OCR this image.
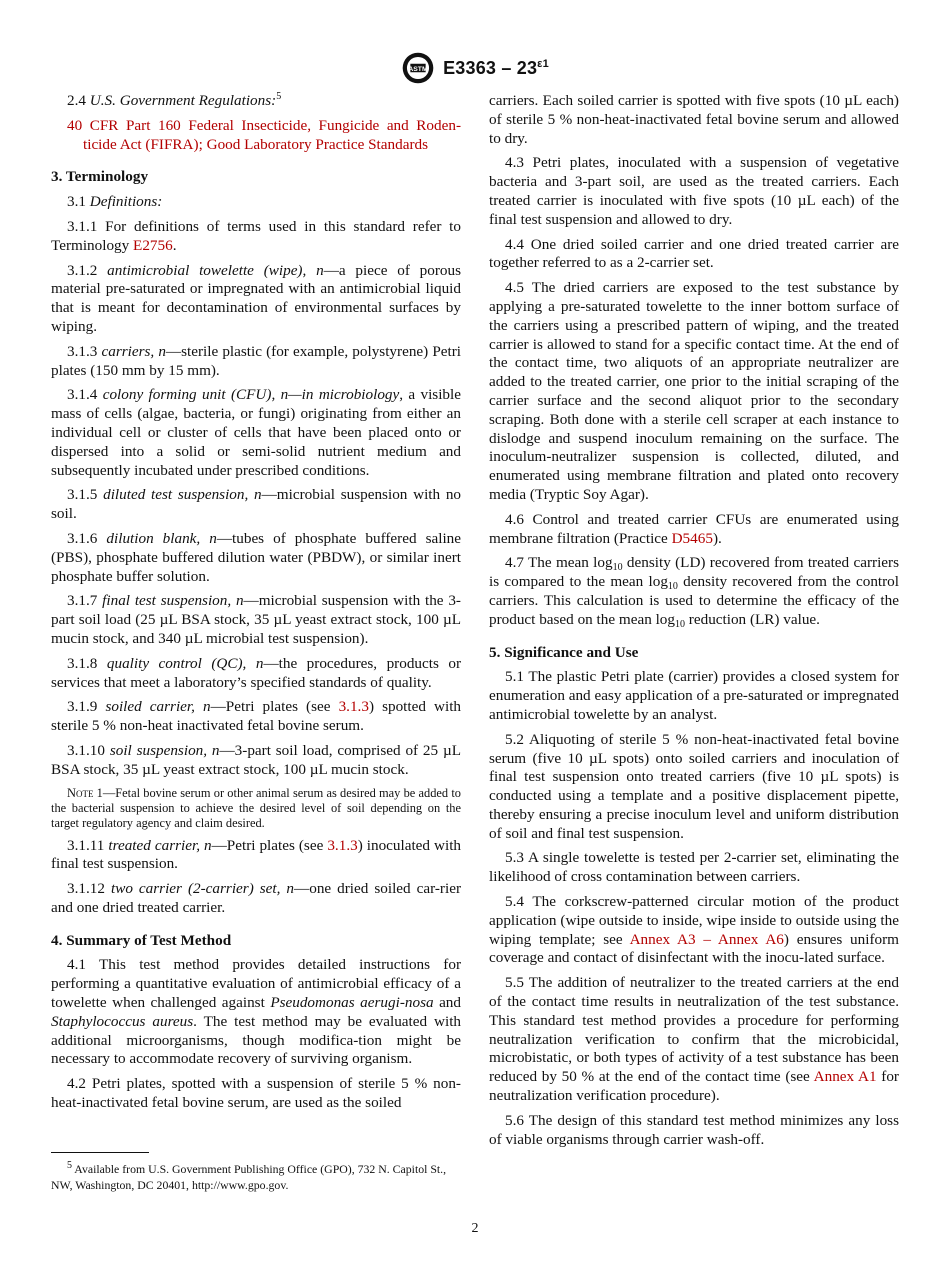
ASTM $E3363 - 23^{\varepsilon 1}$

2.4 U.S. Government Regulations:$^5$

40 CFR Part 160 Federal Insecticide, Fungicide and Roden-ticide Act (FIFRA); Good Laboratory Practice Standards

3. Terminology

3.1 Definitions:

3.1.1 For definitions of terms used in this standard refer to Terminology E2756.

3.1.2 antimicrobial towelette (wipe), n—a piece of porous material pre-saturated or impregnated with an antimicrobial liquid that is meant for decontamination of environmental surfaces by wiping.

3.1.3 carriers, n—sterile plastic (for example, polystyrene) Petri plates (150 mm by 15 mm).

3.1.4 colony forming unit (CFU), n—in microbiology, a visible mass of cells (algae, bacteria, or fungi) originating from either an individual cell or cluster of cells that have been placed onto or dispersed into a solid or semi-solid nutrient medium and subsequently incubated under prescribed conditions.

3.1.5 diluted test suspension, n—microbial suspension with no soil.

3.1.6 dilution blank, n—tubes of phosphate buffered saline (PBS), phosphate buffered dilution water (PBDW), or similar inert phosphate buffer solution.

3.1.7 final test suspension, n—microbial suspension with the 3-part soil load (25 µL BSA stock, 35 µL yeast extract stock, 100 µL mucin stock, and 340 µL microbial test suspension).

3.1.8 quality control (QC), n—the procedures, products or services that meet a laboratory’s specified standards of quality.

3.1.9 soiled carrier, n—Petri plates (see 3.1.3) spotted with sterile 5 % non-heat inactivated fetal bovine serum.

3.1.10 soil suspension, n—3-part soil load, comprised of 25 µL BSA stock, 35 µL yeast extract stock, 100 µL mucin stock.

Note 1—Fetal bovine serum or other animal serum as desired may be added to the bacterial suspension to achieve the desired level of soil depending on the target regulatory agency and claim desired.

3.1.11 treated carrier, n—Petri plates (see 3.1.3) inoculated with final test suspension.

3.1.12 two carrier (2-carrier) set, n—one dried soiled car-rier and one dried treated carrier.

4. Summary of Test Method

4.1 This test method provides detailed instructions for performing a quantitative evaluation of antimicrobial efficacy of a towelette when challenged against Pseudomonas aerugi-nosa and Staphylococcus aureus. The test method may be evaluated with additional microorganisms, though modifica-tion might be necessary to accommodate recovery of surviving organism.

4.2 Petri plates, spotted with a suspension of sterile 5 % non-heat-inactivated fetal bovine serum, are used as the soiled

carriers. Each soiled carrier is spotted with five spots (10 µL each) of sterile 5 % non-heat-inactivated fetal bovine serum and allowed to dry.

4.3 Petri plates, inoculated with a suspension of vegetative bacteria and 3-part soil, are used as the treated carriers. Each treated carrier is inoculated with five spots (10 µL each) of the final test suspension and allowed to dry.

4.4 One dried soiled carrier and one dried treated carrier are together referred to as a 2-carrier set.

4.5 The dried carriers are exposed to the test substance by applying a pre-saturated towelette to the inner bottom surface of the carriers using a prescribed pattern of wiping, and the treated carrier is allowed to stand for a specific contact time. At the end of the contact time, two aliquots of an appropriate neutralizer are added to the treated carrier, one prior to the initial scraping of the carrier surface and the second aliquot prior to the secondary scraping. Both done with a sterile cell scraper at each instance to dislodge and suspend inoculum remaining on the surface. The inoculum-neutralizer suspension is collected, diluted, and enumerated using membrane filtration and plated onto recovery media (Tryptic Soy Agar).

4.6 Control and treated carrier CFUs are enumerated using membrane filtration (Practice D5465).

4.7 The mean $\log_{10}$ density (LD) recovered from treated carriers is compared to the mean $\log_{10}$ density recovered from the control carriers. This calculation is used to determine the efficacy of the product based on the mean $\log_{10}$ reduction (LR) value.

5. Significance and Use

5.1 The plastic Petri plate (carrier) provides a closed system for enumeration and easy application of a pre-saturated or impregnated antimicrobial towelette by an analyst.

5.2 Aliquoting of sterile 5 % non-heat-inactivated fetal bovine serum (five 10 µL spots) onto soiled carriers and inoculation of final test suspension onto treated carriers (five 10 µL spots) is conducted using a template and a positive displacement pipette, thereby ensuring a precise inoculum level and uniform distribution of soil and final test suspension.

5.3 A single towelette is tested per 2-carrier set, eliminating the likelihood of cross contamination between carriers.

5.4 The corkscrew-patterned circular motion of the product application (wipe outside to inside, wipe inside to outside using the wiping template; see Annex A3 – Annex A6) ensures uniform coverage and contact of disinfectant with the inocu-lated surface.

5.5 The addition of neutralizer to the treated carriers at the end of the contact time results in neutralization of the test substance. This standard test method provides a procedure for performing neutralization verification to confirm that the microbicidal, microbistatic, or both types of activity of a test substance has been reduced by 50 % at the end of the contact time (see Annex A1 for neutralization verification procedure).

5.6 The design of this standard test method minimizes any loss of viable organisms through carrier wash-off.

$^5$ Available from U.S. Government Publishing Office (GPO), 732 N. Capitol St., NW, Washington, DC 20401, http://www.gpo.gov.
2
